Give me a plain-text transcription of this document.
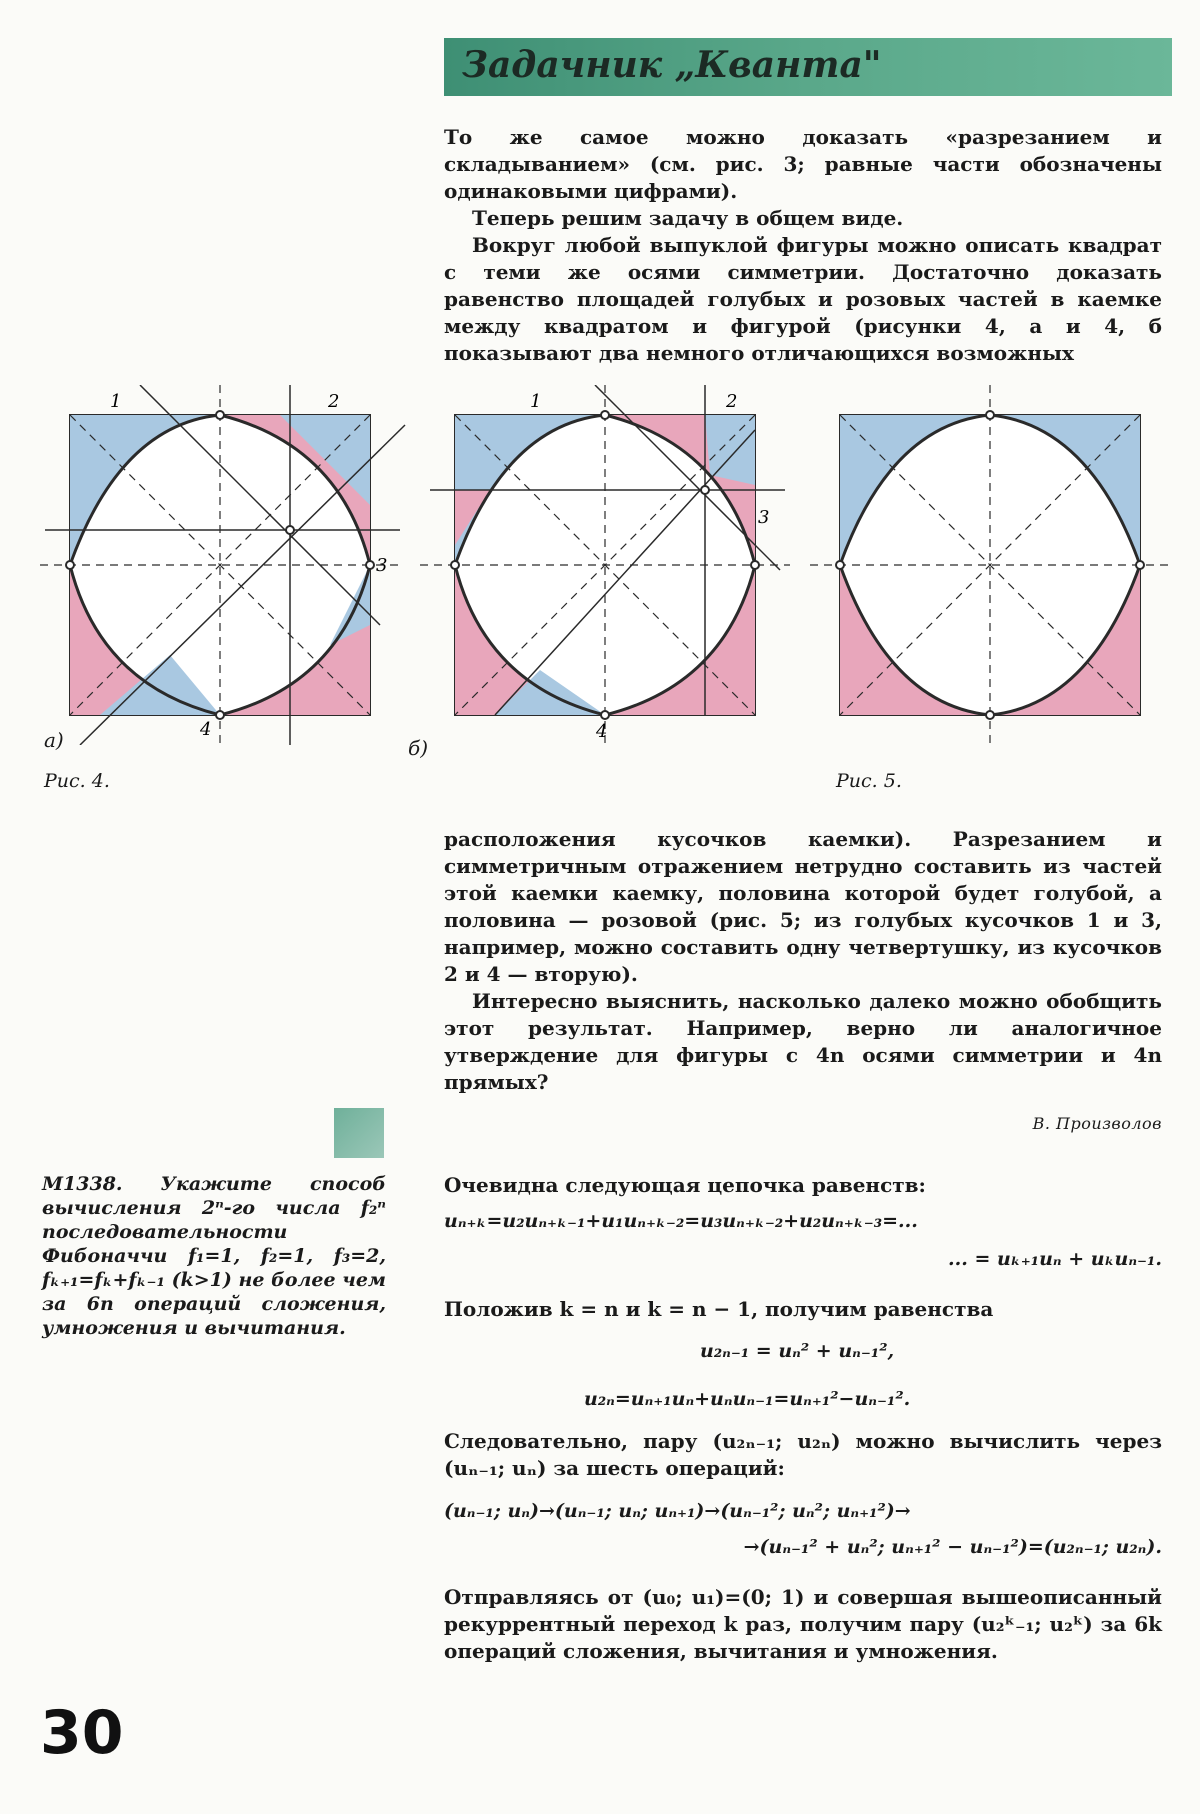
Задачник „Кванта"

То же самое можно доказать «разрезанием и складыванием» (см. рис. 3; равные части обозначены одинаковыми цифрами).

Теперь решим задачу в общем виде.

Вокруг любой выпуклой фигуры можно описать квадрат с теми же осями симметрии. Достаточно доказать равенство площадей голубых и розовых частей в каемке между квадратом и фигурой (рисунки 4, а и 4, б показывают два немного отличающихся возможных

1	2
3
4
а)
Рис. 4.
1	2
3
4
б)
Рис. 5.

расположения кусочков каемки). Разрезанием и симметричным отражением нетрудно составить из частей этой каемки каемку, половина которой будет голубой, а половина — розовой (рис. 5; из голубых кусочков 1 и 3, например, можно составить одну четвертушку, из кусочков 2 и 4 — вторую).

Интересно выяснить, насколько далеко можно обобщить этот результат. Например, верно ли аналогичное утверждение для фигуры с 4n осями симметрии и 4n прямых?

В. Произволов
М1338. Укажите способ вычисления 2ⁿ-го числа f₂ⁿ последовательности Фибоначчи f₁=1, f₂=1, f₃=2, fₖ₊₁=fₖ+fₖ₋₁ (k>1) не более чем за 6n операций сложения, умножения и вычитания.

Очевидна следующая цепочка равенств:

uₙ₊ₖ=u₂uₙ₊ₖ₋₁+u₁uₙ₊ₖ₋₂=u₃uₙ₊ₖ₋₂+u₂uₙ₊ₖ₋₃=...
... = uₖ₊₁uₙ + uₖuₙ₋₁.

Положив k = n и k = n − 1, получим равенства

u₂ₙ₋₁ = uₙ² + uₙ₋₁²,
u₂ₙ=uₙ₊₁uₙ+uₙuₙ₋₁=uₙ₊₁²−uₙ₋₁².

Следовательно, пару (u₂ₙ₋₁; u₂ₙ) можно вычислить через (uₙ₋₁; uₙ) за шесть операций:

(uₙ₋₁; uₙ)→(uₙ₋₁; uₙ; uₙ₊₁)→(uₙ₋₁²; uₙ²; uₙ₊₁²)→
→(uₙ₋₁² + uₙ²; uₙ₊₁² − uₙ₋₁²)=(u₂ₙ₋₁; u₂ₙ).

Отправляясь от (u₀; u₁)=(0; 1) и совершая вышеописанный рекуррентный переход k раз, получим пару (u₂ᵏ₋₁; u₂ᵏ) за 6k операций сложения, вычитания и умножения.

30
